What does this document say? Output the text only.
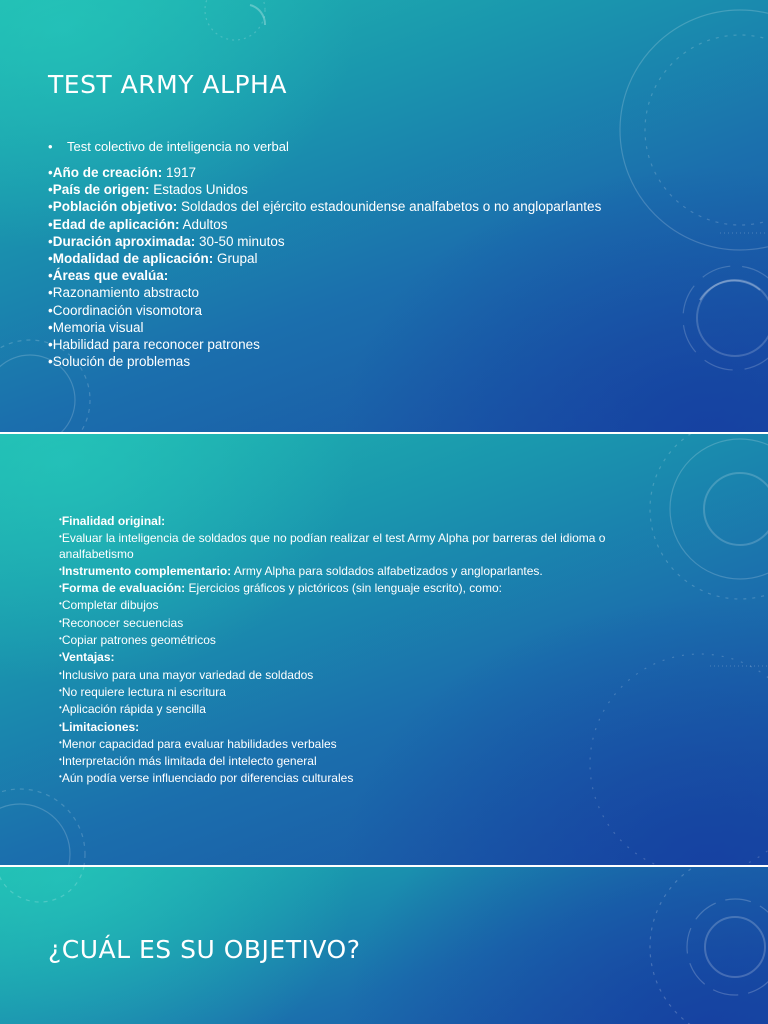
TEST ARMY ALPHA
• Test colectivo de inteligencia no verbal
•Año de creación: 1917
•País de origen: Estados Unidos
•Población objetivo: Soldados del ejército estadounidense analfabetos o no angloparlantes
•Edad de aplicación: Adultos
•Duración aproximada: 30-50 minutos
•Modalidad de aplicación: Grupal
•Áreas que evalúa:
•Razonamiento abstracto
•Coordinación visomotora
•Memoria visual
•Habilidad para reconocer patrones
•Solución de problemas
•Finalidad original:
•Evaluar la inteligencia de soldados que no podían realizar el test Army Alpha por barreras del idioma o analfabetismo
•Instrumento complementario: Army Alpha para soldados alfabetizados y angloparlantes.
•Forma de evaluación: Ejercicios gráficos y pictóricos (sin lenguaje escrito), como:
•Completar dibujos
•Reconocer secuencias
•Copiar patrones geométricos
•Ventajas:
•Inclusivo para una mayor variedad de soldados
•No requiere lectura ni escritura
•Aplicación rápida y sencilla
•Limitaciones:
•Menor capacidad para evaluar habilidades verbales
•Interpretación más limitada del intelecto general
•Aún podía verse influenciado por diferencias culturales
¿CUÁL ES SU OBJETIVO?
